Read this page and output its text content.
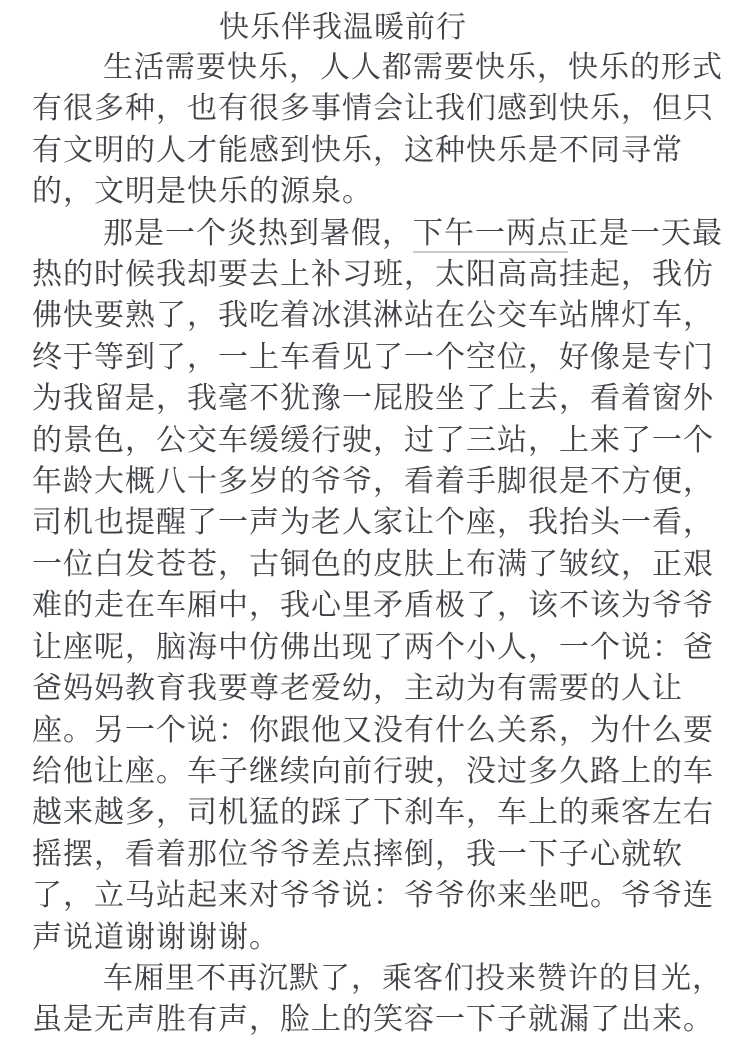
快乐伴我温暖前行
生活需要快乐，人人都需要快乐，快乐的形式
有很多种，也有很多事情会让我们感到快乐，但只
有文明的人才能感到快乐，这种快乐是不同寻常
的，文明是快乐的源泉。
那是一个炎热到暑假，下午一两点正是一天最
热的时候我却要去上补习班，太阳高高挂起，我仿
佛快要熟了，我吃着冰淇淋站在公交车站牌灯车，
终于等到了，一上车看见了一个空位，好像是专门
为我留是，我毫不犹豫一屁股坐了上去，看着窗外
的景色，公交车缓缓行驶，过了三站，上来了一个
年龄大概八十多岁的爷爷，看着手脚很是不方便，
司机也提醒了一声为老人家让个座，我抬头一看，
一位白发苍苍，古铜色的皮肤上布满了皱纹，正艰
难的走在车厢中，我心里矛盾极了，该不该为爷爷
让座呢，脑海中仿佛出现了两个小人，一个说：爸
爸妈妈教育我要尊老爱幼，主动为有需要的人让
座。另一个说：你跟他又没有什么关系，为什么要
给他让座。车子继续向前行驶，没过多久路上的车
越来越多，司机猛的踩了下刹车，车上的乘客左右
摇摆，看着那位爷爷差点摔倒，我一下子心就软
了，立马站起来对爷爷说：爷爷你来坐吧。爷爷连
声说道谢谢谢谢。
车厢里不再沉默了，乘客们投来赞许的目光，
虽是无声胜有声，脸上的笑容一下子就漏了出来。
